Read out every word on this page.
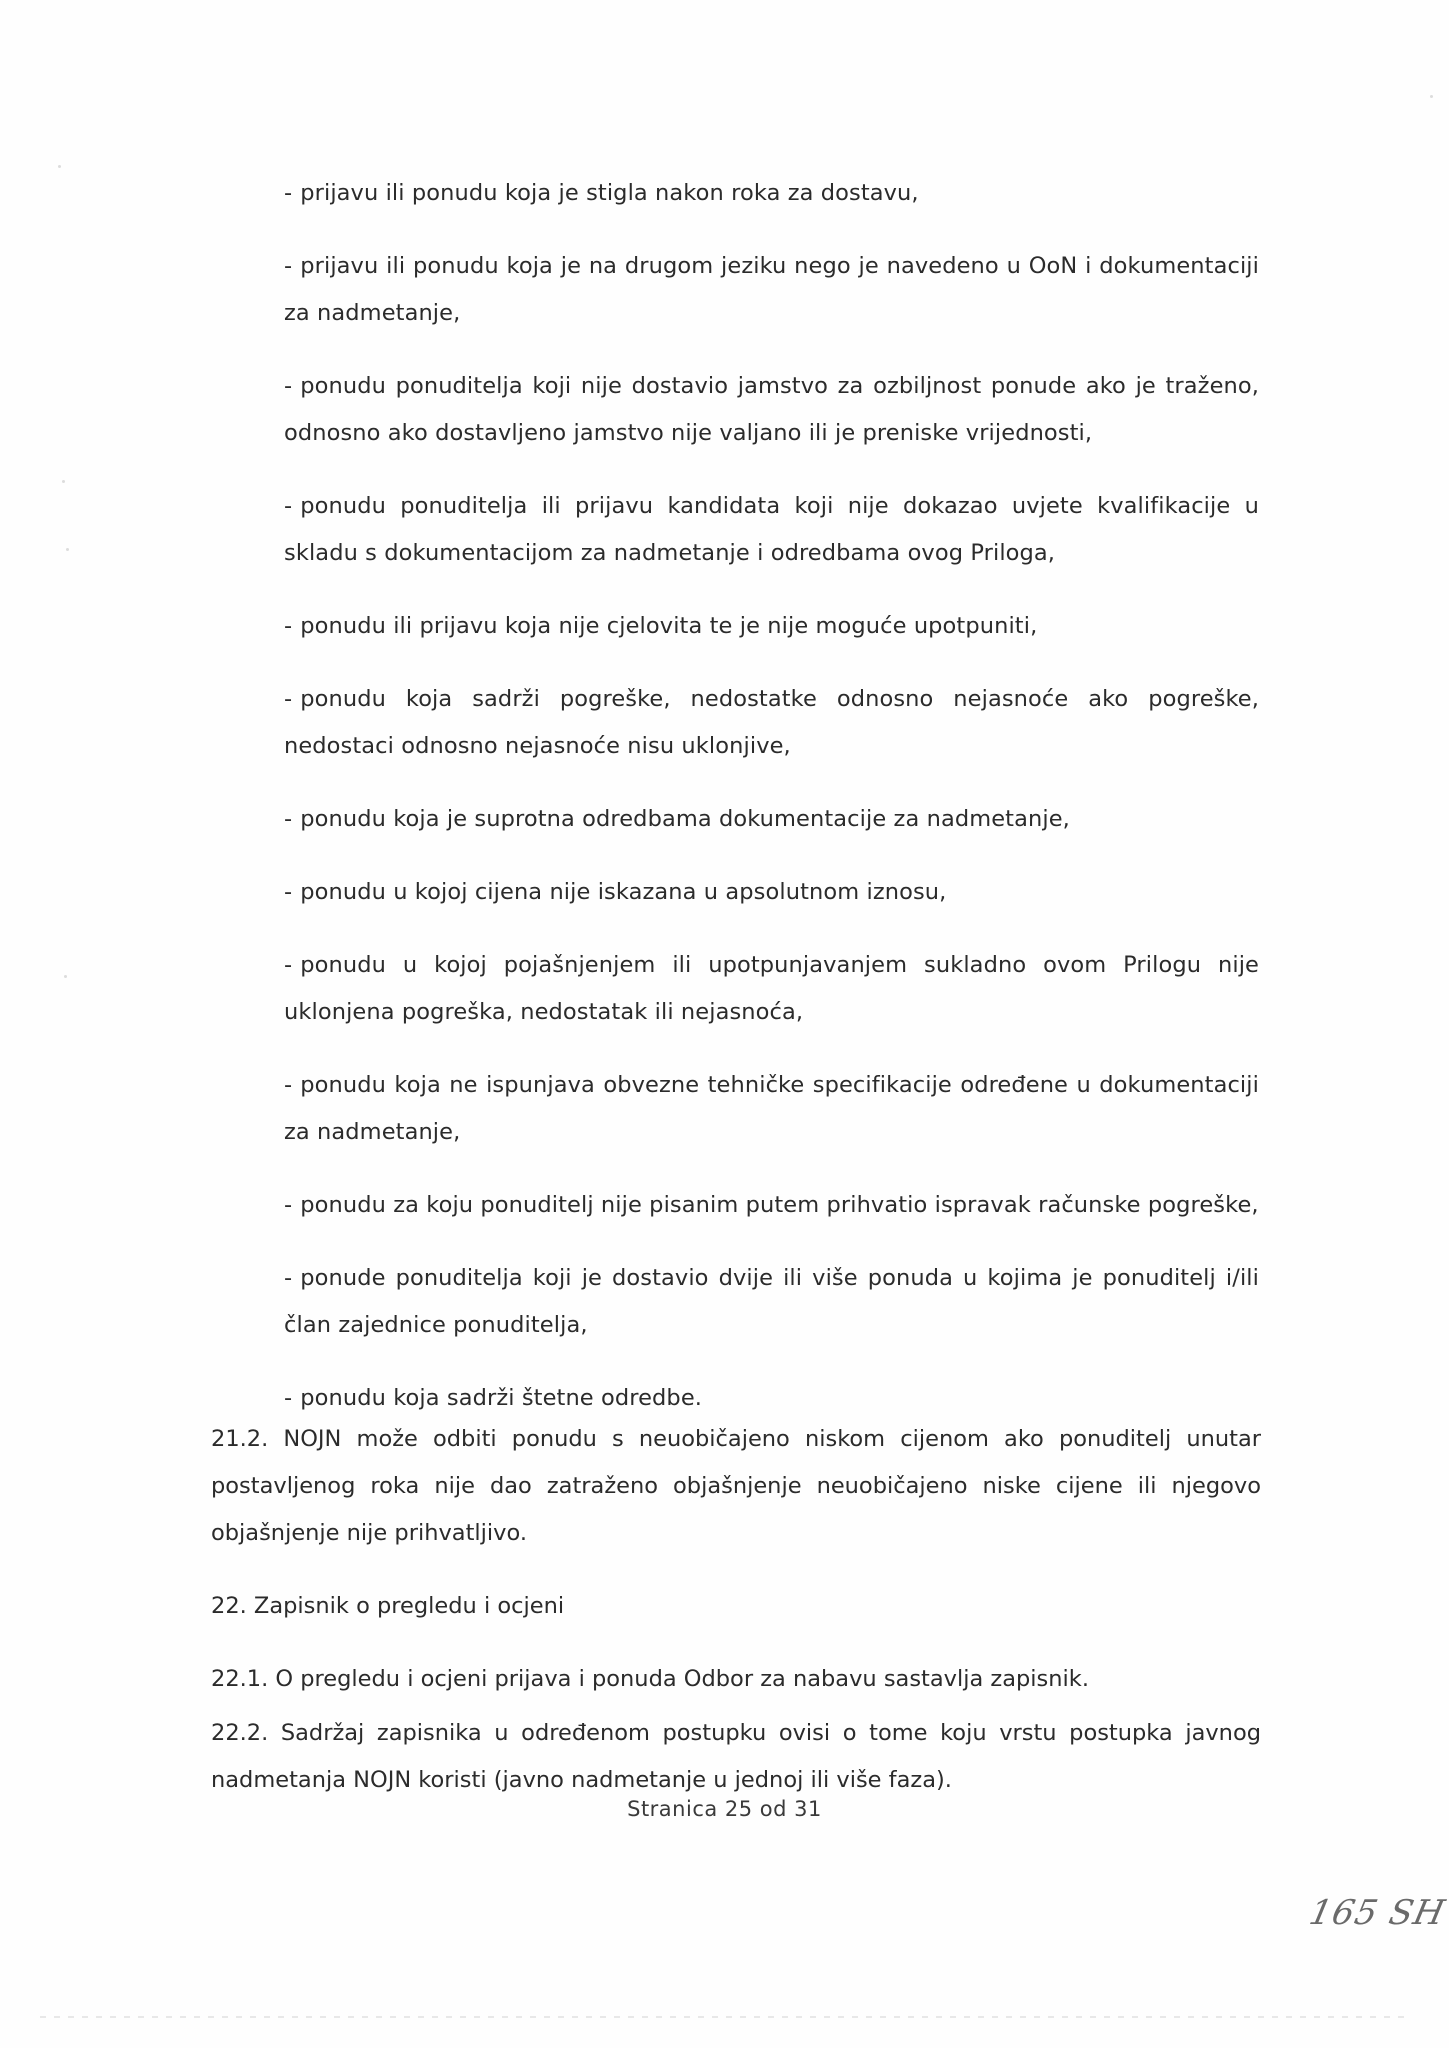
- prijavu ili ponudu koja je stigla nakon roka za dostavu,

- prijavu ili ponudu koja je na drugom jeziku nego je navedeno u OoN i dokumentaciji za nadmetanje,

- ponudu ponuditelja koji nije dostavio jamstvo za ozbiljnost ponude ako je traženo, odnosno ako dostavljeno jamstvo nije valjano ili je preniske vrijednosti,

- ponudu ponuditelja ili prijavu kandidata koji nije dokazao uvjete kvalifikacije u skladu s dokumentacijom za nadmetanje i odredbama ovog Priloga,

- ponudu ili prijavu koja nije cjelovita te je nije moguće upotpuniti,

- ponudu koja sadrži pogreške, nedostatke odnosno nejasnoće ako pogreške, nedostaci odnosno nejasnoće nisu uklonjive,

- ponudu koja je suprotna odredbama dokumentacije za nadmetanje,

- ponudu u kojoj cijena nije iskazana u apsolutnom iznosu,

- ponudu u kojoj pojašnjenjem ili upotpunjavanjem sukladno ovom Prilogu nije uklonjena pogreška, nedostatak ili nejasnoća,

- ponudu koja ne ispunjava obvezne tehničke specifikacije određene u dokumentaciji za nadmetanje,

- ponudu za koju ponuditelj nije pisanim putem prihvatio ispravak računske pogreške,

- ponude ponuditelja koji je dostavio dvije ili više ponuda u kojima je ponuditelj i/ili član zajednice ponuditelja,

- ponudu koja sadrži štetne odredbe.

21.2. NOJN može odbiti ponudu s neuobičajeno niskom cijenom ako ponuditelj unutar postavljenog roka nije dao zatraženo objašnjenje neuobičajeno niske cijene ili njegovo objašnjenje nije prihvatljivo.

22. Zapisnik o pregledu i ocjeni

22.1. O pregledu i ocjeni prijava i ponuda Odbor za nabavu sastavlja zapisnik.

22.2. Sadržaj zapisnika u određenom postupku ovisi o tome koju vrstu postupka javnog nadmetanja NOJN koristi (javno nadmetanje u jednoj ili više faza).

Stranica 25 od 31
165 SH
